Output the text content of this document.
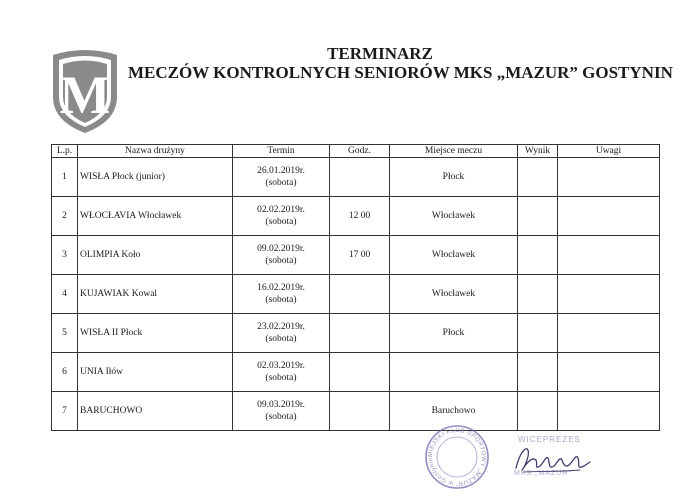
M
TERMINARZ
MECZÓW KONTROLNYCH SENIORÓW MKS „MAZUR” GOSTYNIN
L.p.	Nazwa drużyny	Termin	Godz.	Miejsce meczu	Wynik	Uwagi
1	WISŁA Płock (junior)	26.01.2019r.
(sobota)		Płock		
2	WŁOCŁAVIA Włocławek	02.02.2019r.
(sobota)	12 00	Włocławek		
3	OLIMPIA Koło	09.02.2019r.
(sobota)	17 00	Włocławek		
4	KUJAWIAK Kowal	16.02.2019r.
(sobota)		Włocławek		
5	WISŁA II Płock	23.02.2019r.
(sobota)		Płock		
6	UNIA Iłów	02.03.2019r.
(sobota)				

7	BARUCHOWO	09.03.2019r.
(sobota)		Baruchowo		
MIEJSKI KLUB SPORTOWY „MAZUR” w Gostynin
WICEPREZES
MKS „MAZUR”
